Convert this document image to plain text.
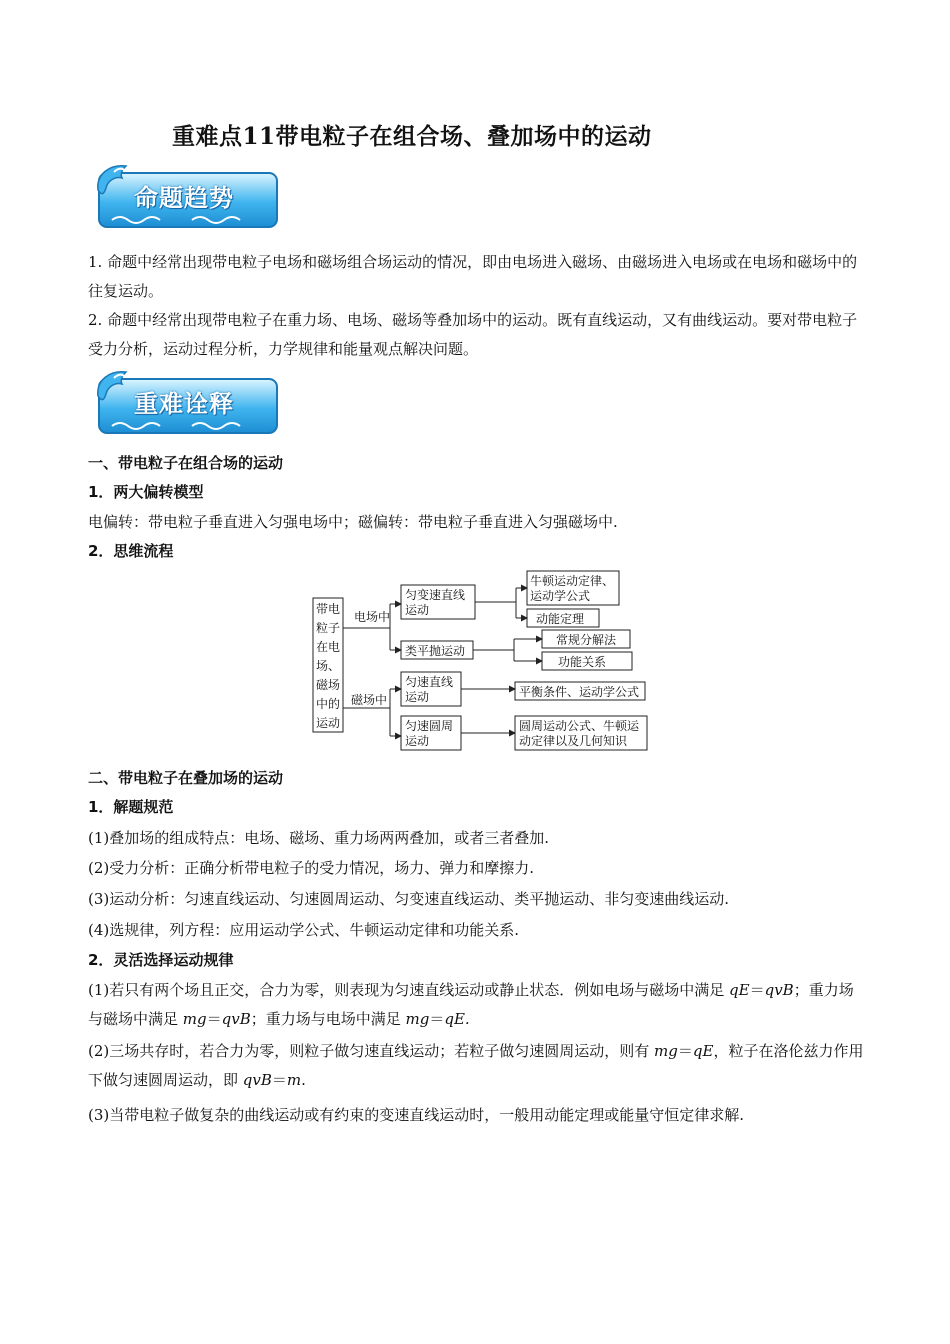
重难点11带电粒子在组合场、叠加场中的运动
命题趋势
1. 命题中经常出现带电粒子电场和磁场组合场运动的情况，即由电场进入磁场、由磁场进入电场或在电场和磁场中的往复运动。
2. 命题中经常出现带电粒子在重力场、电场、磁场等叠加场中的运动。既有直线运动，又有曲线运动。要对带电粒子受力分析，运动过程分析，力学规律和能量观点解决问题。
重难诠释
一、带电粒子在组合场的运动
1．两大偏转模型
电偏转：带电粒子垂直进入匀强电场中；磁偏转：带电粒子垂直进入匀强磁场中.
2．思维流程
带电
粒子
在电
场、
磁场
中的
运动
电场中
磁场中
匀变速直线
运动
类平抛运动
匀速直线
运动
匀速圆周
运动
牛顿运动定律、
运动学公式
动能定理
常规分解法
功能关系
平衡条件、运动学公式
圆周运动公式、牛顿运
动定律以及几何知识
二、带电粒子在叠加场的运动
1．解题规范
(1)叠加场的组成特点：电场、磁场、重力场两两叠加，或者三者叠加.
(2)受力分析：正确分析带电粒子的受力情况，场力、弹力和摩擦力.
(3)运动分析：匀速直线运动、匀速圆周运动、匀变速直线运动、类平抛运动、非匀变速曲线运动.
(4)选规律，列方程：应用运动学公式、牛顿运动定律和功能关系.
2．灵活选择运动规律
(1)若只有两个场且正交，合力为零，则表现为匀速直线运动或静止状态．例如电场与磁场中满足 qE＝qvB；重力场与磁场中满足 mg＝qvB；重力场与电场中满足 mg＝qE.
(2)三场共存时，若合力为零，则粒子做匀速直线运动；若粒子做匀速圆周运动，则有 mg＝qE，粒子在洛伦兹力作用下做匀速圆周运动，即 qvB＝m.
(3)当带电粒子做复杂的曲线运动或有约束的变速直线运动时，一般用动能定理或能量守恒定律求解.
